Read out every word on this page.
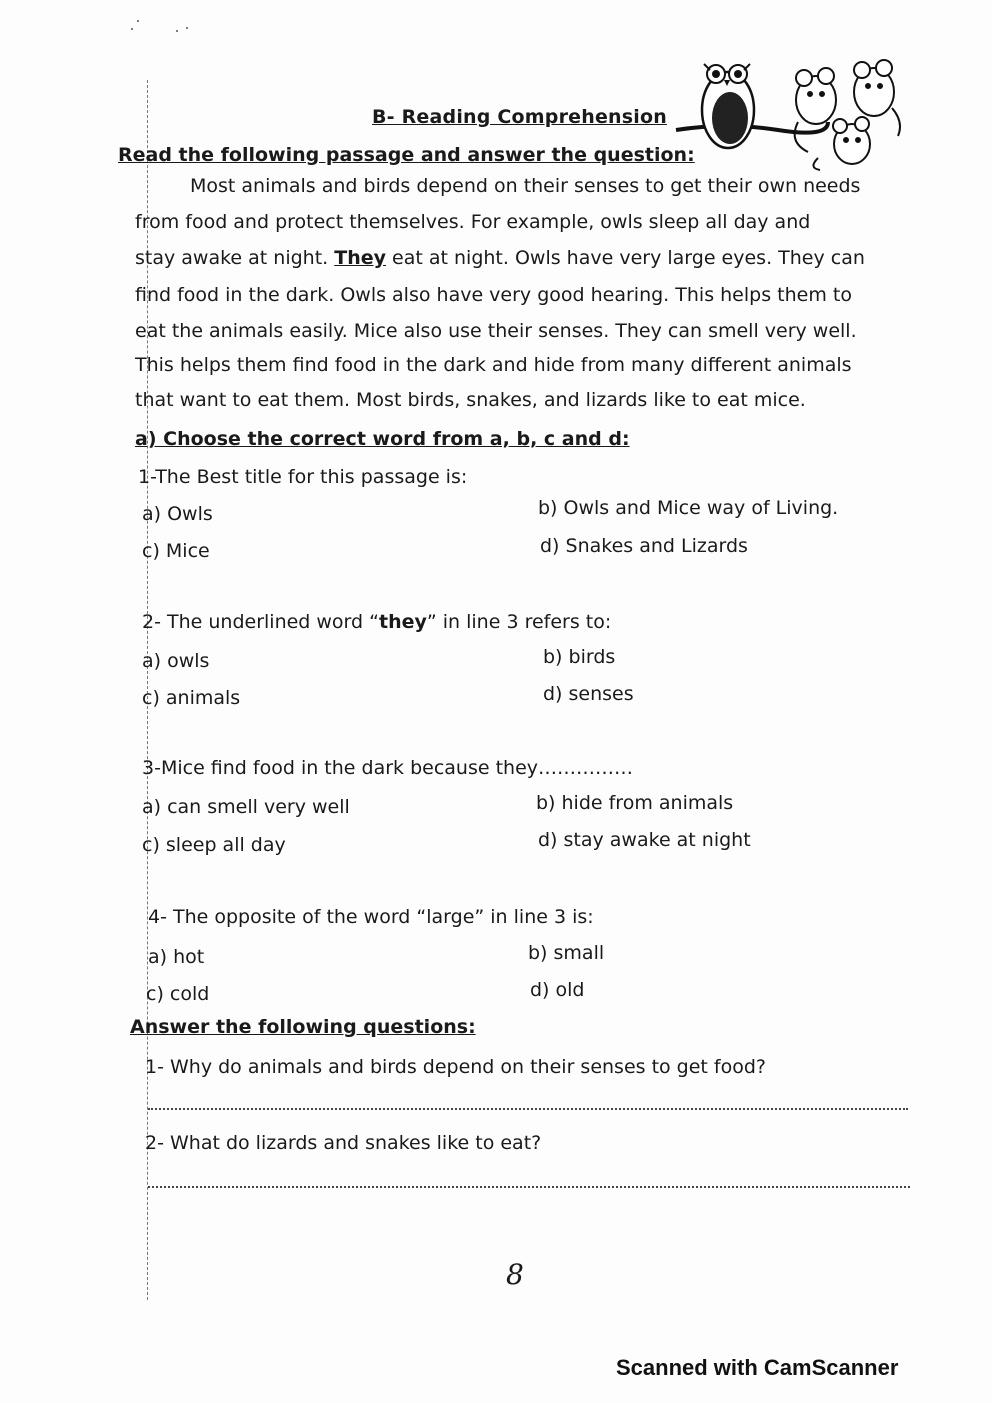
B- Reading Comprehension
Read the following passage and answer the question:
Most animals and birds depend on their senses to get their own needs
from food and protect themselves. For example, owls sleep all day and
stay awake at night. They eat at night. Owls have very large eyes. They can
find food in the dark. Owls also have very good hearing. This helps them to
eat the animals easily. Mice also use their senses. They can smell very well.
This helps them find food in the dark and hide from many different animals
that want to eat them. Most birds, snakes, and lizards like to eat mice.
a) Choose the correct word from a, b, c and d:
1-The Best title for this passage is:
a) Owls	b) Owls and Mice way of Living.
c) Mice	d) Snakes and Lizards
2- The underlined word “they” in line 3 refers to:
a) owls	b) birds
c) animals	d) senses
3-Mice find food in the dark because they……………
a) can smell very well	b) hide from animals
c) sleep all day	d) stay awake at night
4- The opposite of the word “large” in line 3 is:
a) hot	b) small
c) cold	d) old
Answer the following questions:
1- Why do animals and birds depend on their senses to get food?
2- What do lizards and snakes like to eat?
8
Scanned with CamScanner
